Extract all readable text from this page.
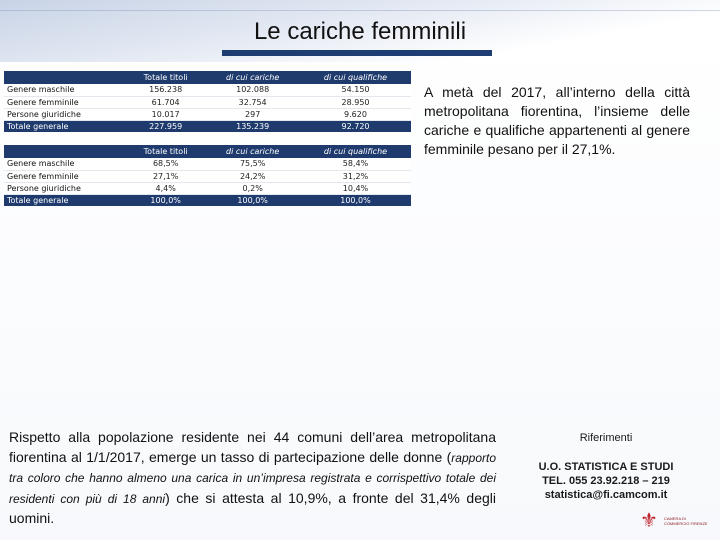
Le cariche femminili
	Totale titoli	di cui cariche	di cui qualifiche
Genere maschile	156.238	102.088	54.150
Genere femminile	61.704	32.754	28.950
Persone giuridiche	10.017	297	9.620
Totale generale	227.959	135.239	92.720
	Totale titoli	di cui cariche	di cui qualifiche
Genere maschile	68,5%	75,5%	58,4%
Genere femminile	27,1%	24,2%	31,2%
Persone giuridiche	4,4%	0,2%	10,4%
Totale generale	100,0%	100,0%	100,0%

A metà del 2017, all’interno della città metropolitana fiorentina, l’insieme delle cariche e qualifiche appartenenti al genere femminile pesano per il 27,1%.

Rispetto alla popolazione residente nei 44 comuni dell’area metropolitana fiorentina al 1/1/2017, emerge un tasso di partecipazione delle donne (rapporto tra coloro che hanno almeno una carica in un’impresa registrata e corrispettivo totale dei residenti con più di 18 anni) che si attesta al 10,9%, a fronte del 31,4% degli uomini.

Riferimenti
U.O. STATISTICA E STUDI
TEL. 055 23.92.218 – 219
statistica@fi.camcom.it
⚜	CAMERA DI COMMERCIO FIRENZE
